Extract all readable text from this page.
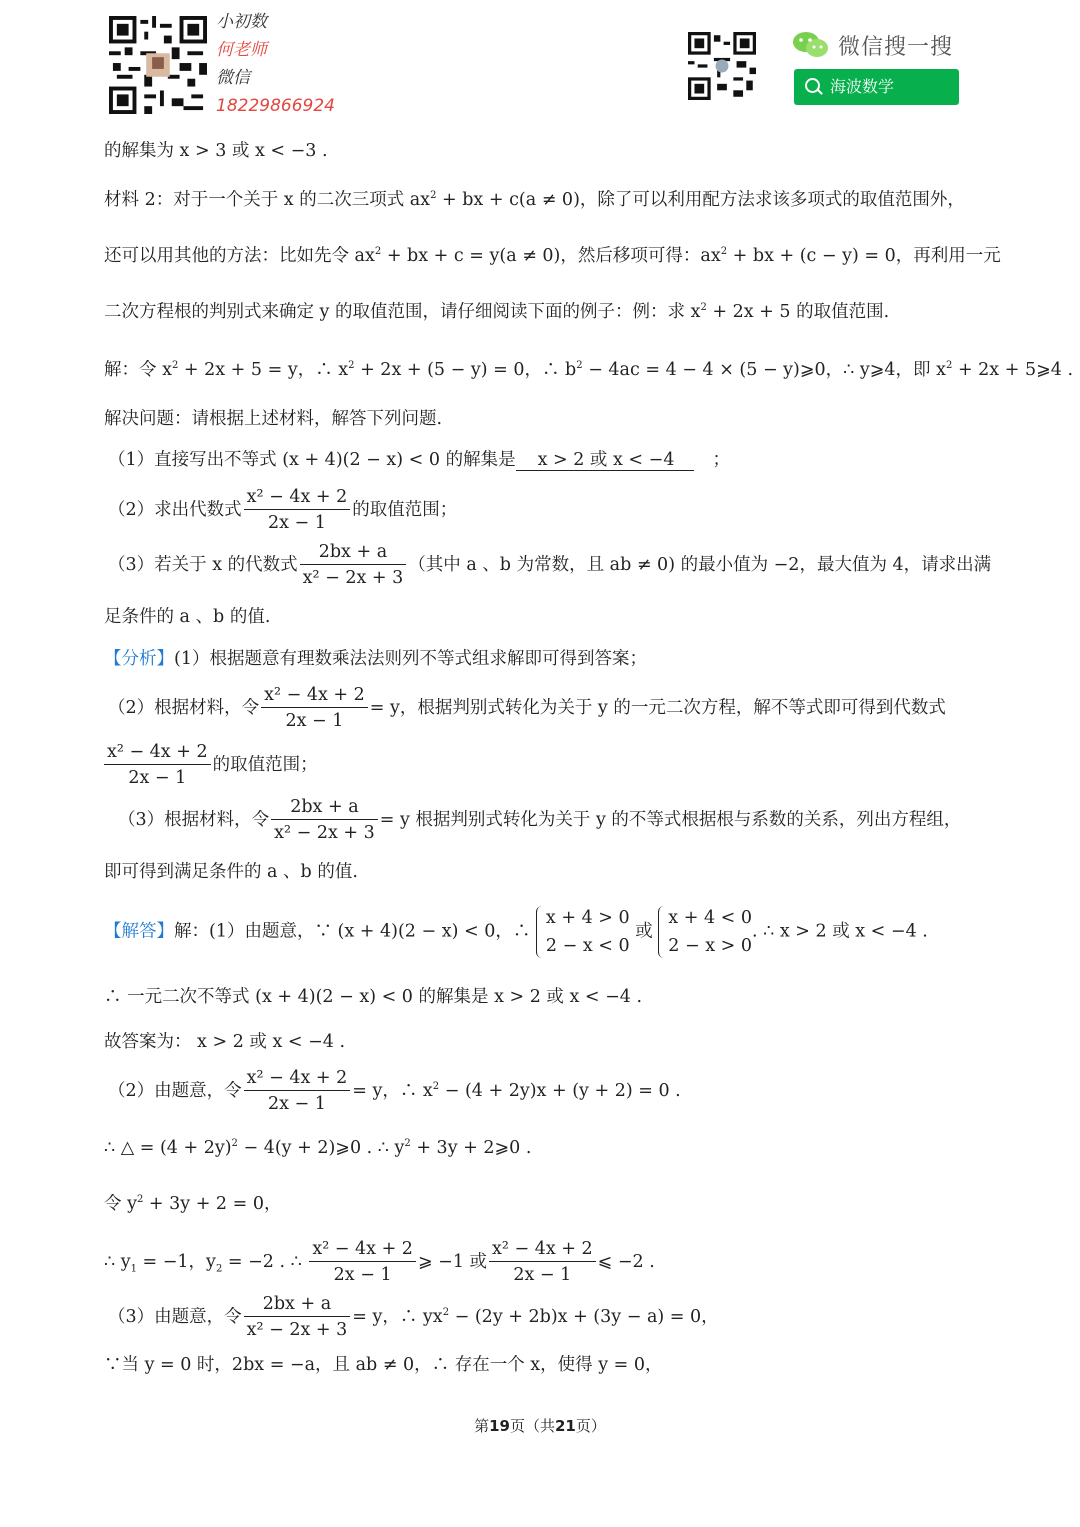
小初数
何老师
微信
18229866924
微信搜一搜
海波数学
的解集为 x > 3 或 x < −3 .
材料 2：对于一个关于 x 的二次三项式 $ax^2$ + bx + c(a ≠ 0)，除了可以利用配方法求该多项式的取值范围外，
还可以用其他的方法：比如先令 $ax^2$ + bx + c = y(a ≠ 0)，然后移项可得：$ax^2$ + bx + (c − y) = 0，再利用一元
二次方程根的判别式来确定 y 的取值范围，请仔细阅读下面的例子：例：求 $x^2 + 2x + 5$ 的取值范围.
解：令 $x^2 + 2x + 5 = y$，∴ $x^2 + 2x + (5 - y) = 0$，∴ $b^2 - 4ac = 4 - 4 \times (5$ − y)⩾0，∴ y⩾4，即 $x^2 + 2x$ + 5⩾4 .
解决问题：请根据上述材料，解答下列问题.
（1）直接写出不等式 (x + 4)(2 − x) < 0 的解集是 x > 2 或 x < −4 ；
（2）求出代数式 $\frac{\text{x² − 4x + 2}}{2x - 1}$ 的取值范围；
（3）若关于 x 的代数式 $\frac{2bx + a}{\text{x² − 2x + 3}}$ （其中 a 、b 为常数，且 ab ≠ 0) 的最小值为 −2，最大值为 4，请求出满
足条件的 a 、b 的值.
【分析】(1）根据题意有理数乘法法则列不等式组求解即可得到答案；
（2）根据材料，令 $\frac{\text{x² − 4x + 2}}{2x - 1} = y$，根据判别式转化为关于 y 的一元二次方程，解不等式即可得到代数式
$\frac{\text{x² − 4x + 2}}{2x - 1}$ 的取值范围；
（3）根据材料，令 $\frac{2bx + a}{\text{x² − 2x + 3}} = y$ 根据判别式转化为关于 y 的不等式根据根与系数的关系，列出方程组，
即可得到满足条件的 a 、b 的值.
【解答】解：(1）由题意，∵ (x + 4)(2 − x) < 0，∴
x + 4 > 0
2 − x < 0
或
x + 4 < 0
2 − x > 0
. ∴ x > 2 或 x < −4 .
∴ 一元二次不等式 (x + 4)(2 − x) < 0 的解集是 x > 2 或 x < −4 .
故答案为： x > 2 或 x < −4 .
（2）由题意，令 $\frac{\text{x² − 4x + 2}}{2x - 1} = y$，∴ $x^2 - (4 + 2y)x + (y + 2) = 0$ .
∴ △ = $(4 + 2y)^2 - 4(y$ + 2)⩾0 . ∴ $y^2 + 3y$ + 2⩾0 .
令 $y^2 + 3y + 2 = 0$，
∴ $y_1 = -1$，$y_2 = -2$ . ∴ $\frac{\text{x² − 4x + 2}}{2x - 1}$ ⩾ −1 或 $\frac{\text{x² − 4x + 2}}{2x - 1}$ ⩽ −2 .
（3）由题意，令 $\frac{2bx + a}{\text{x² − 2x + 3}} = y$，∴ $yx^2 - (2y + 2b)x + (3y - a) = 0$，
∵当 y = 0 时，2bx = −a，且 ab ≠ 0，∴ 存在一个 x，使得 y = 0，
第19页（共21页）
